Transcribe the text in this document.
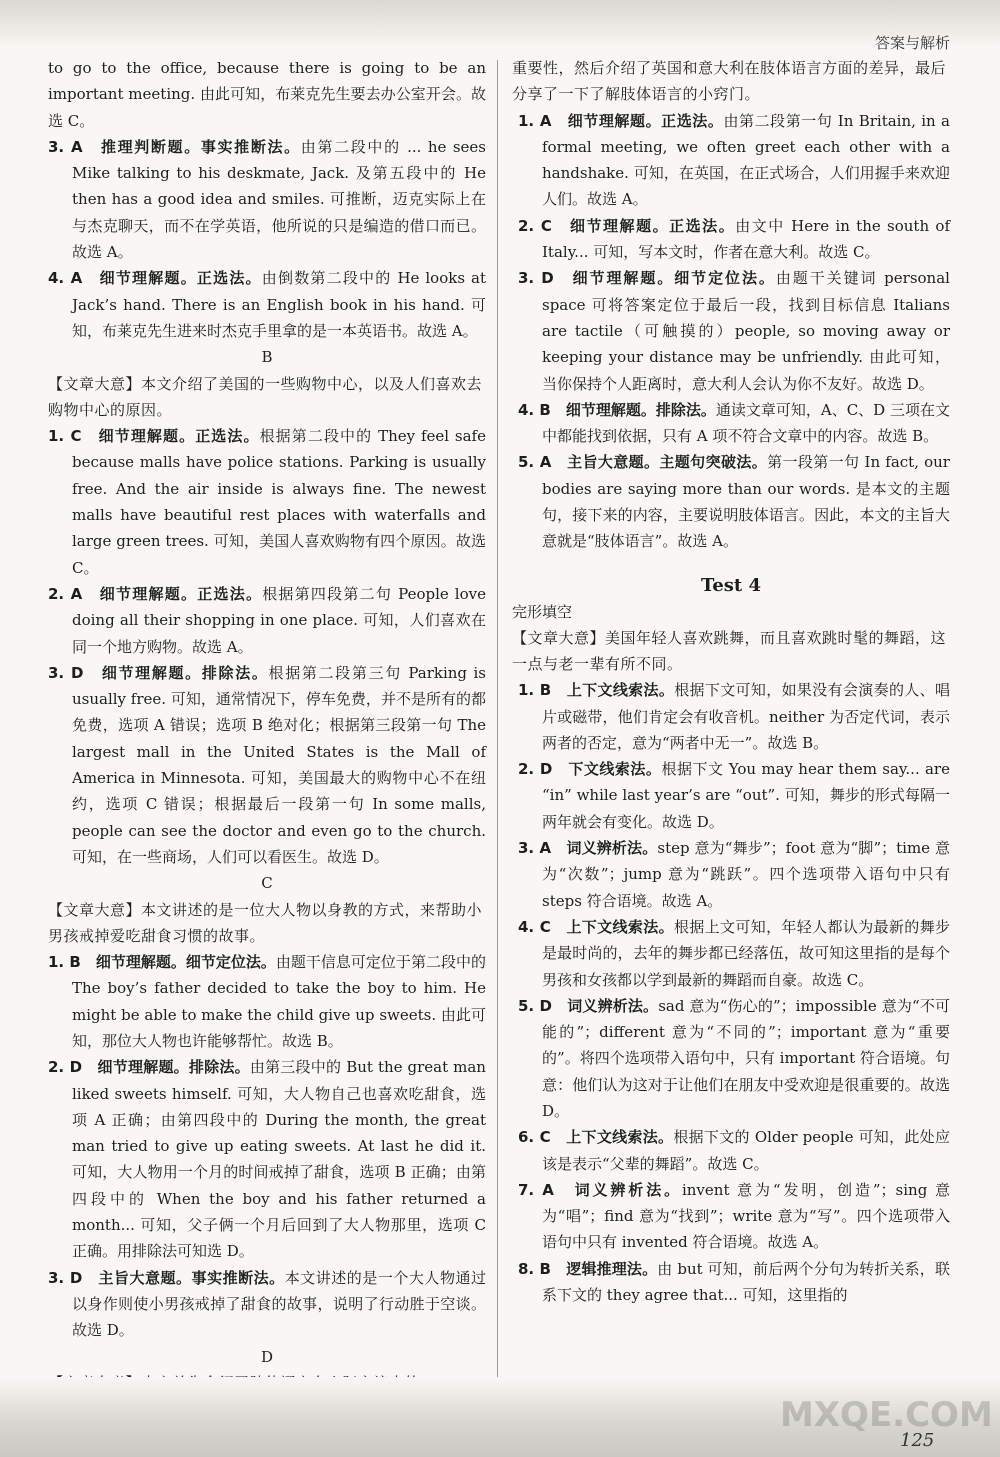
答案与解析

to go to the office, because there is going to be an important meeting. 由此可知，布莱克先生要去办公室开会。故选 C。

3. A　 推理判断题。事实推断法。由第二段中的 ... he sees Mike talking to his deskmate, Jack. 及第五段中的 He then has a good idea and smiles. 可推断，迈克实际上在与杰克聊天，而不在学英语，他所说的只是编造的借口而已。故选 A。

4. A　 细节理解题。正选法。由倒数第二段中的 He looks at Jack’s hand. There is an English book in his hand. 可知，布莱克先生进来时杰克手里拿的是一本英语书。故选 A。

B

【文章大意】本文介绍了美国的一些购物中心，以及人们喜欢去购物中心的原因。

1. C　 细节理解题。正选法。根据第二段中的 They feel safe because malls have police stations. Parking is usually free. And the air inside is always fine. The newest malls have beautiful rest places with waterfalls and large green trees. 可知，美国人喜欢购物有四个原因。故选 C。

2. A　 细节理解题。正选法。根据第四段第二句 People love doing all their shopping in one place. 可知，人们喜欢在同一个地方购物。故选 A。

3. D　 细节理解题。排除法。根据第二段第三句 Parking is usually free. 可知，通常情况下，停车免费，并不是所有的都免费，选项 A 错误；选项 B 绝对化；根据第三段第一句 The largest mall in the United States is the Mall of America in Minnesota. 可知，美国最大的购物中心不在纽约，选项 C 错误；根据最后一段第一句 In some malls, people can see the doctor and even go to the church. 可知，在一些商场，人们可以看医生。故选 D。

C

【文章大意】本文讲述的是一位大人物以身教的方式，来帮助小男孩戒掉爱吃甜食习惯的故事。

1. B　 细节理解题。细节定位法。由题干信息可定位于第二段中的 The boy’s father decided to take the boy to him. He might be able to make the child give up sweets. 由此可知，那位大人物也许能够帮忙。故选 B。

2. D　 细节理解题。排除法。由第三段中的 But the great man liked sweets himself. 可知，大人物自己也喜欢吃甜食，选项 A 正确；由第四段中的 During the month, the great man tried to give up eating sweets. At last he did it. 可知，大人物用一个月的时间戒掉了甜食，选项 B 正确；由第四段中的 When the boy and his father returned a month... 可知，父子俩一个月后回到了大人物那里，选项 C 正确。用排除法可知选 D。

3. D　 主旨大意题。事实推断法。本文讲述的是一个大人物通过以身作则使小男孩戒掉了甜食的故事，说明了行动胜于空谈。故选 D。

D

重要性，然后介绍了英国和意大利在肢体语言方面的差异，最后分享了一下了解肢体语言的小窍门。

1. A　 细节理解题。正选法。由第二段第一句 In Britain, in a formal meeting, we often greet each other with a handshake. 可知，在英国，在正式场合，人们用握手来欢迎人们。故选 A。

2. C　 细节理解题。正选法。由文中 Here in the south of Italy... 可知，写本文时，作者在意大利。故选 C。

3. D　 细节理解题。细节定位法。由题干关键词 personal space 可将答案定位于最后一段，找到目标信息 Italians are tactile（可触摸的）people, so moving away or keeping your distance may be unfriendly. 由此可知，当你保持个人距离时，意大利人会认为你不友好。故选 D。

4. B　 细节理解题。排除法。通读文章可知，A、C、D 三项在文中都能找到依据，只有 A 项不符合文章中的内容。故选 B。

5. A　 主旨大意题。主题句突破法。第一段第一句 In fact, our bodies are saying more than our words. 是本文的主题句，接下来的内容，主要说明肢体语言。因此，本文的主旨大意就是“肢体语言”。故选 A。

Test 4

完形填空

【文章大意】美国年轻人喜欢跳舞，而且喜欢跳时髦的舞蹈，这一点与老一辈有所不同。

1. B　 上下文线索法。根据下文可知，如果没有会演奏的人、唱片或磁带，他们肯定会有收音机。neither 为否定代词，表示两者的否定，意为“两者中无一”。故选 B。

2. D　 下文线索法。根据下文 You may hear them say... are “in” while last year’s are “out”. 可知，舞步的形式每隔一两年就会有变化。故选 D。

3. A　 词义辨析法。step 意为“舞步”；foot 意为“脚”；time 意为“次数”；jump 意为“跳跃”。四个选项带入语句中只有 steps 符合语境。故选 A。

4. C　 上下文线索法。根据上文可知，年轻人都认为最新的舞步是最时尚的，去年的舞步都已经落伍，故可知这里指的是每个男孩和女孩都以学到最新的舞蹈而自豪。故选 C。

5. D　 词义辨析法。sad 意为“伤心的”；impossible 意为“不可能的”；different 意为“不同的”；important 意为“重要的”。将四个选项带入语句中，只有 important 符合语境。句意：他们认为这对于让他们在朋友中受欢迎是很重要的。故选 D。

6. C　 上下文线索法。根据下文的 Older people 可知，此处应该是表示“父辈的舞蹈”。故选 C。

7. A　 词义辨析法。invent 意为“发明，创造”；sing 意为“唱”；find 意为“找到”；write 意为“写”。四个选项带入语句中只有 invented 符合语境。故选 A。

8. B　 逻辑推理法。由 but 可知，前后两个分句为转折关系，联系下文的 they agree that... 可知，这里指的

MXQE.COM
125
